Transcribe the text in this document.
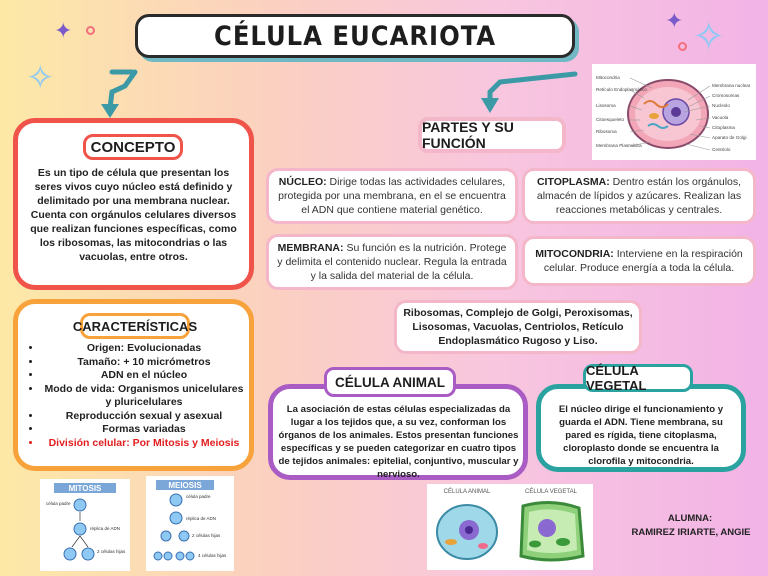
✦
✧
✦ ✧
CÉLULA EUCARIOTA
CONCEPTO
Es un tipo de célula que presentan los seres vivos cuyo núcleo está definido y delimitado por una membrana nuclear. Cuenta con orgánulos celulares diversos que realizan funciones específicas, como los ribosomas, las mitocondrias o las vacuolas, entre otros.
CARACTERÍSTICAS
• Origen: Evolucionadas
• Tamaño: + 10 micrómetros
• ADN en el núcleo
• Modo de vida: Organismos unicelulares y pluricelulares
• Reproducción sexual y asexual
• Formas variadas
• División celular: Por Mitosis y Meiosis
PARTES Y SU FUNCIÓN
NÚCLEO: Dirige todas las actividades celulares, protegida por una membrana, en el se encuentra el ADN que contiene material genético.
CITOPLASMA: Dentro están los orgánulos, almacén de lípidos y azúcares. Realizan las reacciones metabólicas y centrales.
MEMBRANA: Su función es la nutrición. Protege y delimita el contenido nuclear. Regula la entrada y la salida del material de la célula.
MITOCONDRIA: Interviene en la respiración celular. Produce energía a toda la célula.
Ribosomas, Complejo de Golgi, Peroxisomas, Lisosomas, Vacuolas, Centriolos, Retículo Endoplasmático Rugoso y Liso.
Mitocondria
Retículo Endoplasmático
Lisosoma
Citoesqueleto
Ribosoma
Membrana Plasmática
Membrana nuclear
Cromosomas
Nucleolo
Vacuola
Citoplasma
Aparato de Golgi
Centriolo
CÉLULA ANIMAL
La asociación de estas células especializadas da lugar a los tejidos que, a su vez, conforman los órganos de los animales. Estos presentan funciones específicas y se pueden categorizar en cuatro tipos de tejidos animales: epitelial, conjuntivo, muscular y nervioso.
CÉLULA VEGETAL
El núcleo dirige el funcionamiento y guarda el ADN. Tiene membrana, su pared es rígida, tiene citoplasma, cloroplasto donde se encuentra la clorofila y mitocondria.
MITOSIS
célula padre
réplica de ADN
2 células hijas
MEIOSIS
célula padre
réplica de ADN
2 células hijas
4 células hijas
CÉLULA ANIMAL	CÉLULA VEGETAL
ALUMNA:
RAMIREZ IRIARTE, ANGIE
